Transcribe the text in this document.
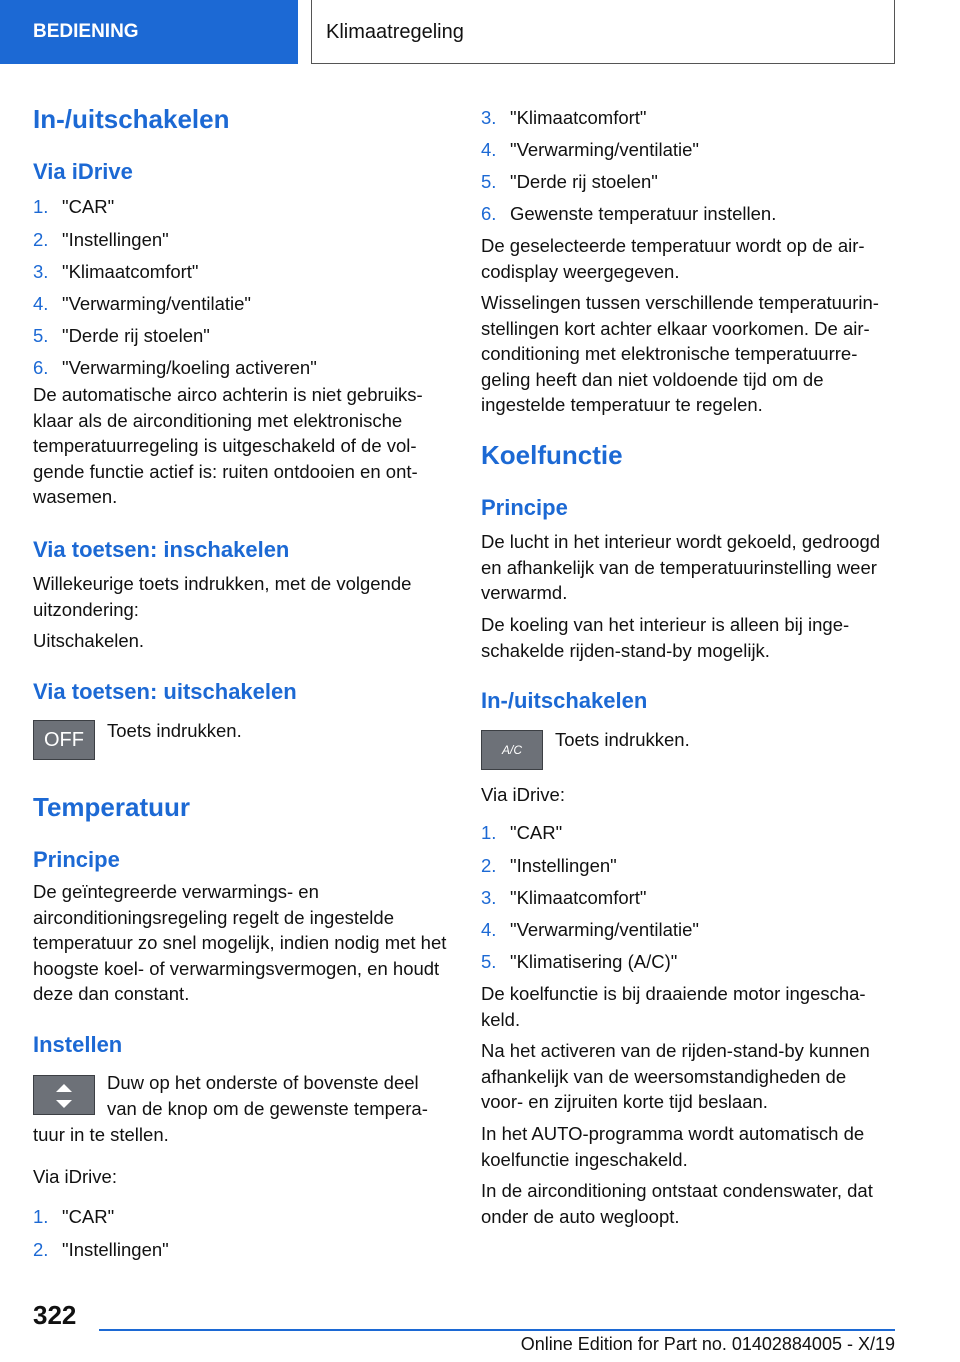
BEDIENING	Klimaatregeling
In-/uitschakelen
Via iDrive
1. "CAR"
2. "Instellingen"
3. "Klimaatcomfort"
4. "Verwarming/ventilatie"
5. "Derde rij stoelen"
6. "Verwarming/koeling activeren"

De automatische airco achterin is niet gebruiks-
klaar als de airconditioning met elektronische
temperatuurregeling is uitgeschakeld of de vol-
gende functie actief is: ruiten ontdooien en ont-
wasemen.

Via toetsen: inschakelen

Willekeurige toets indrukken, met de volgende
uitzondering:

Uitschakelen.

Via toetsen: uitschakelen
OFF	Toets indrukken.
Temperatuur
Principe

De geïntegreerde verwarmings- en airconditioningsregeling regelt de ingestelde temperatuur zo snel mogelijk, indien nodig met het hoogste koel- of verwarmingsvermogen, en houdt deze dan constant.

Instellen
Duw op het onderste of bovenste deel
van de knop om de gewenste tempera-
tuur in te stellen.
Via iDrive:
1. "CAR"
2. "Instellingen"
3. "Klimaatcomfort"
4. "Verwarming/ventilatie"
5. "Derde rij stoelen"
6. Gewenste temperatuur instellen.

De geselecteerde temperatuur wordt op de air-
codisplay weergegeven.

Wisselingen tussen verschillende temperatuurin-
stellingen kort achter elkaar voorkomen. De air-
conditioning met elektronische temperatuurre-
geling heeft dan niet voldoende tijd om de
ingestelde temperatuur te regelen.

Koelfunctie
Principe

De lucht in het interieur wordt gekoeld, gedroogd
en afhankelijk van de temperatuurinstelling weer
verwarmd.

De koeling van het interieur is alleen bij inge-
schakelde rijden-stand-by mogelijk.

In-/uitschakelen
A/C	Toets indrukken.
Via iDrive:
1. "CAR"
2. "Instellingen"
3. "Klimaatcomfort"
4. "Verwarming/ventilatie"
5. "Klimatisering (A/C)"

De koelfunctie is bij draaiende motor ingescha-
keld.

Na het activeren van de rijden-stand-by kunnen
afhankelijk van de weersomstandigheden de
voor- en zijruiten korte tijd beslaan.

In het AUTO-programma wordt automatisch de
koelfunctie ingeschakeld.

In de airconditioning ontstaat condenswater, dat
onder de auto wegloopt.

322
Online Edition for Part no. 01402884005 - X/19
